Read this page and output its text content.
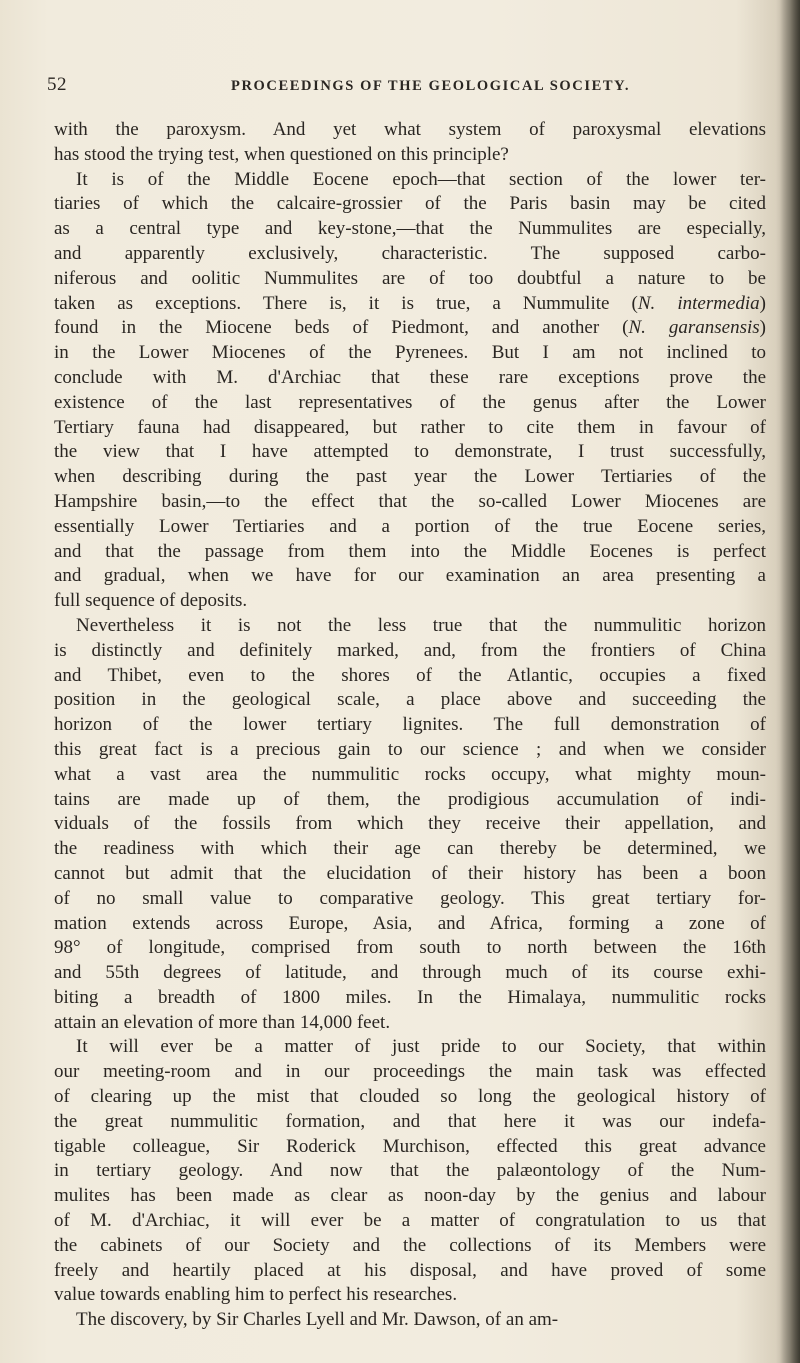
52	PROCEEDINGS OF THE GEOLOGICAL SOCIETY.
with the paroxysm. And yet what system of paroxysmal elevations
has stood the trying test, when questioned on this principle?
It is of the Middle Eocene epoch—that section of the lower ter-
tiaries of which the calcaire-grossier of the Paris basin may be cited
as a central type and key-stone,—that the Nummulites are especially,
and apparently exclusively, characteristic. The supposed carbo-
niferous and oolitic Nummulites are of too doubtful a nature to be
taken as exceptions. There is, it is true, a Nummulite (N. intermedia)
found in the Miocene beds of Piedmont, and another (N. garansensis)
in the Lower Miocenes of the Pyrenees. But I am not inclined to
conclude with M. d'Archiac that these rare exceptions prove the
existence of the last representatives of the genus after the Lower
Tertiary fauna had disappeared, but rather to cite them in favour of
the view that I have attempted to demonstrate, I trust successfully,
when describing during the past year the Lower Tertiaries of the
Hampshire basin,—to the effect that the so-called Lower Miocenes are
essentially Lower Tertiaries and a portion of the true Eocene series,
and that the passage from them into the Middle Eocenes is perfect
and gradual, when we have for our examination an area presenting a
full sequence of deposits.
Nevertheless it is not the less true that the nummulitic horizon
is distinctly and definitely marked, and, from the frontiers of China
and Thibet, even to the shores of the Atlantic, occupies a fixed
position in the geological scale, a place above and succeeding the
horizon of the lower tertiary lignites. The full demonstration of
this great fact is a precious gain to our science ; and when we consider
what a vast area the nummulitic rocks occupy, what mighty moun-
tains are made up of them, the prodigious accumulation of indi-
viduals of the fossils from which they receive their appellation, and
the readiness with which their age can thereby be determined, we
cannot but admit that the elucidation of their history has been a boon
of no small value to comparative geology. This great tertiary for-
mation extends across Europe, Asia, and Africa, forming a zone of
98° of longitude, comprised from south to north between the 16th
and 55th degrees of latitude, and through much of its course exhi-
biting a breadth of 1800 miles. In the Himalaya, nummulitic rocks
attain an elevation of more than 14,000 feet.
It will ever be a matter of just pride to our Society, that within
our meeting-room and in our proceedings the main task was effected
of clearing up the mist that clouded so long the geological history of
the great nummulitic formation, and that here it was our indefa-
tigable colleague, Sir Roderick Murchison, effected this great advance
in tertiary geology. And now that the palæontology of the Num-
mulites has been made as clear as noon-day by the genius and labour
of M. d'Archiac, it will ever be a matter of congratulation to us that
the cabinets of our Society and the collections of its Members were
freely and heartily placed at his disposal, and have proved of some
value towards enabling him to perfect his researches.
The discovery, by Sir Charles Lyell and Mr. Dawson, of an am-
